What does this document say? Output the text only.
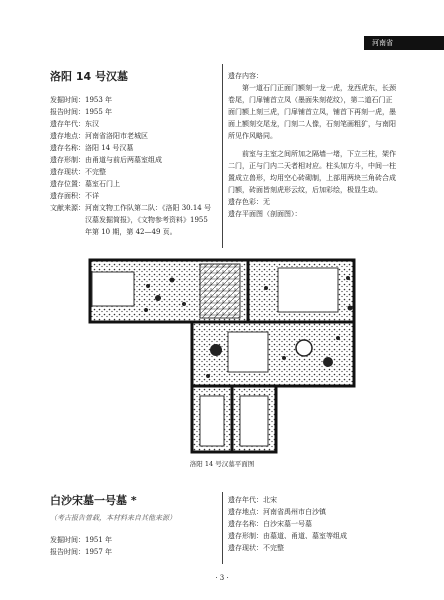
河南省
洛阳 14 号汉墓
发掘时间： 1953 年
报告时间： 1955 年
遗存年代： 东汉
遗存地点： 河南省洛阳市老城区
遗存名称： 洛阳 14 号汉墓
遗存形制： 由甬道与前后两墓室组成
遗存现状： 不完整
遗存位置： 墓室石门上
遗存面积： 不详
文献来源： 河南文物工作队第二队：《洛阳 30.14 号汉墓发掘简报》，《文物参考资料》1955 年第 10 期，第 42—49 页。
遗存内容：

第一道石门正面门额刻一龙一虎，龙西虎东，长颈卷尾，门扉铺首立凤（墨面朱刻花纹），第二道石门正面门额上刻三虎，门扉铺首立凤，铺首下再刻一虎，墨面上额刻交尾龙，门刻二人像，石刻笔画粗犷，与南阳所见作风略同。

前室与主室之间所加之隔墙一堵，下立三柱，架作二门，正与门内二天者相对应。柱头加方斗，中间一柱置成立兽形，均用空心砖砌制，上部用两块三角砖合成门额，砖面皆刻虎形云纹，后加彩绘，极显生动。

遗存色彩： 无
遗存平面图（剖面图）：
洛阳 14 号汉墓平面图
白沙宋墓一号墓 *
（考古报告曾载，本材料来自其他来源）
发掘时间： 1951 年
报告时间： 1957 年
遗存年代： 北宋
遗存地点： 河南省禹州市白沙镇
遗存名称： 白沙宋墓一号墓
遗存形制： 由墓道、甬道、墓室等组成
遗存现状： 不完整
· 3 ·
